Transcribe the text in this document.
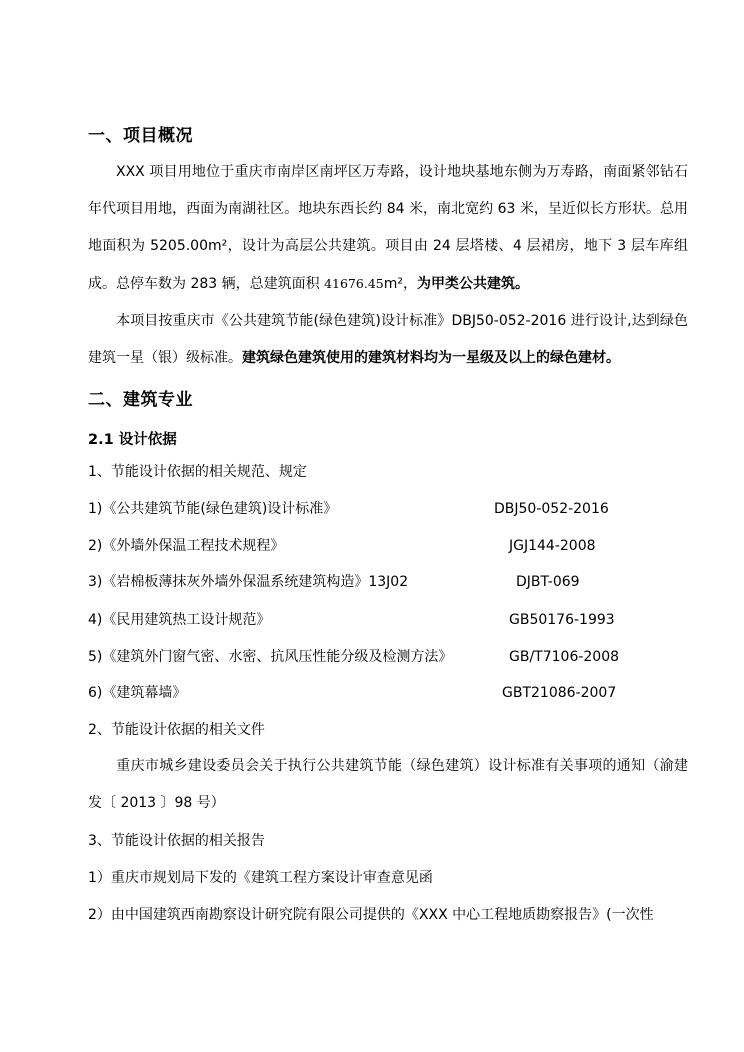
一、项目概况
XXX 项目用地位于重庆市南岸区南坪区万寿路，设计地块基地东侧为万寿路，南面紧邻钻石年代项目用地，西面为南湖社区。地块东西长约 84 米，南北宽约 63 米，呈近似长方形状。总用地面积为 5205.00m²，设计为高层公共建筑。项目由 24 层塔楼、4 层裙房，地下 3 层车库组成。总停车数为 283 辆，总建筑面积 41676.45m²，为甲类公共建筑。
本项目按重庆市《公共建筑节能(绿色建筑)设计标准》DBJ50-052-2016 进行设计,达到绿色建筑一星（银）级标准。建筑绿色建筑使用的建筑材料均为一星级及以上的绿色建材。
二、建筑专业
2.1 设计依据
1、节能设计依据的相关规范、规定
1)《公共建筑节能(绿色建筑)设计标准》	DBJ50-052-2016
2)《外墙外保温工程技术规程》	JGJ144-2008
3)《岩棉板薄抹灰外墙外保温系统建筑构造》13J02	DJBT-069
4)《民用建筑热工设计规范》	GB50176-1993
5)《建筑外门窗气密、水密、抗风压性能分级及检测方法》	GB/T7106-2008
6)《建筑幕墙》	GBT21086-2007
2、节能设计依据的相关文件
重庆市城乡建设委员会关于执行公共建筑节能（绿色建筑）设计标准有关事项的通知（渝建发〔 2013 〕98 号）
3、节能设计依据的相关报告
1）重庆市规划局下发的《建筑工程方案设计审查意见函
2）由中国建筑西南勘察设计研究院有限公司提供的《XXX 中心工程地质勘察报告》(一次性
